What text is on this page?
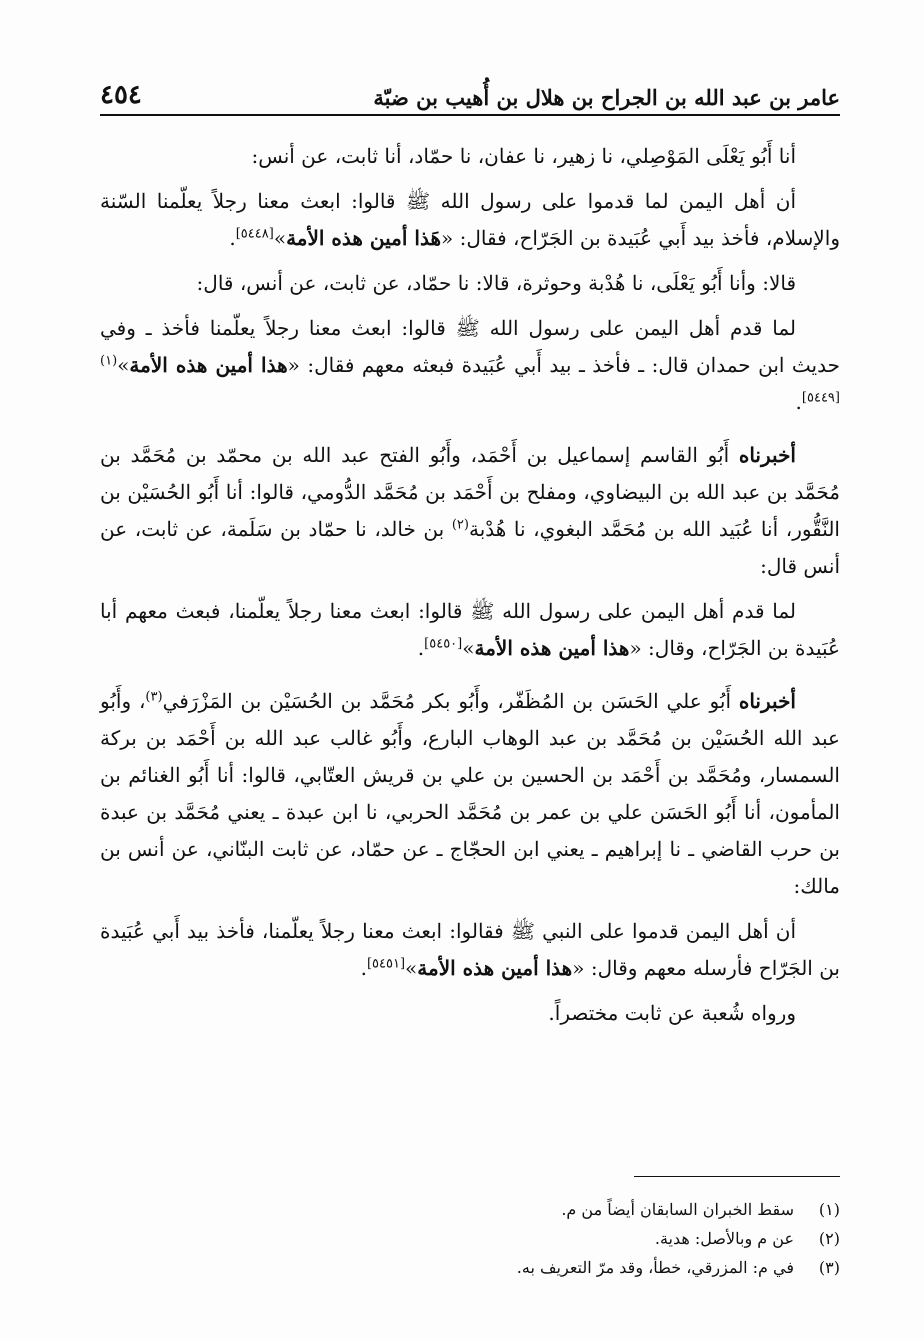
عامر بن عبد الله بن الجراح بن هلال بن أُهيب بن ضبّة
٤٥٤

أنا أَبُو يَعْلَى المَوْصِلي، نا زهير، نا عفان، نا حمّاد، أنا ثابت، عن أنس:

أن أهل اليمن لما قدموا على رسول الله ﷺ قالوا: ابعث معنا رجلاً يعلّمنا السّنة والإسلام، فأخذ بيد أَبي عُبَيدة بن الجَرّاح، فقال: «هَذا أمين هذه الأمة»[٥٤٤٨].

قالا: وأنا أَبُو يَعْلَى، نا هُدْبة وحوثرة، قالا: نا حمّاد، عن ثابت، عن أنس، قال:

لما قدم أهل اليمن على رسول الله ﷺ قالوا: ابعث معنا رجلاً يعلّمنا فأخذ ـ وفي حديث ابن حمدان قال: ـ فأخذ ـ بيد أَبي عُبَيدة فبعثه معهم فقال: «هذا أمين هذه الأمة»$^{(١)[٥٤٤٩]}$.

أخبرناه أَبُو القاسم إسماعيل بن أَحْمَد، وأَبُو الفتح عبد الله بن محمّد بن مُحَمَّد بن مُحَمَّد بن عبد الله بن البيضاوي، ومفلح بن أَحْمَد بن مُحَمَّد الدُّومي، قالوا: أنا أَبُو الحُسَيْن بن النَّقُّور، أنا عُبَيد الله بن مُحَمَّد البغوي، نا هُدْبة$^{(٢)}$ بن خالد، نا حمّاد بن سَلَمة، عن ثابت، عن أنس قال:

لما قدم أهل اليمن على رسول الله ﷺ قالوا: ابعث معنا رجلاً يعلّمنا، فبعث معهم أبا عُبَيدة بن الجَرّاح، وقال: «هذا أمين هذه الأمة»[٥٤٥٠].

أخبرناه أَبُو علي الحَسَن بن المُظَفّر، وأَبُو بكر مُحَمَّد بن الحُسَيْن بن المَزْرَفي$^{(٣)}$، وأَبُو عبد الله الحُسَيْن بن مُحَمَّد بن عبد الوهاب البارع، وأَبُو غالب عبد الله بن أَحْمَد بن بركة السمسار، ومُحَمَّد بن أَحْمَد بن الحسين بن علي بن قريش العتّابي، قالوا: أنا أَبُو الغنائم بن المأمون، أنا أَبُو الحَسَن علي بن عمر بن مُحَمَّد الحربي، نا ابن عبدة ـ يعني مُحَمَّد بن عبدة بن حرب القاضي ـ نا إبراهيم ـ يعني ابن الحجّاج ـ عن حمّاد، عن ثابت البنّاني، عن أنس بن مالك:

أن أهل اليمن قدموا على النبي ﷺ فقالوا: ابعث معنا رجلاً يعلّمنا، فأخذ بيد أَبي عُبَيدة بن الجَرّاح فأرسله معهم وقال: «هذا أمين هذه الأمة»[٥٤٥١].

ورواه شُعبة عن ثابت مختصراً.

(١)
سقط الخبران السابقان أيضاً من م.
(٢)
عن م وبالأصل: هدية.
(٣)
في م: المزرقي، خطأ، وقد مرّ التعريف به.
